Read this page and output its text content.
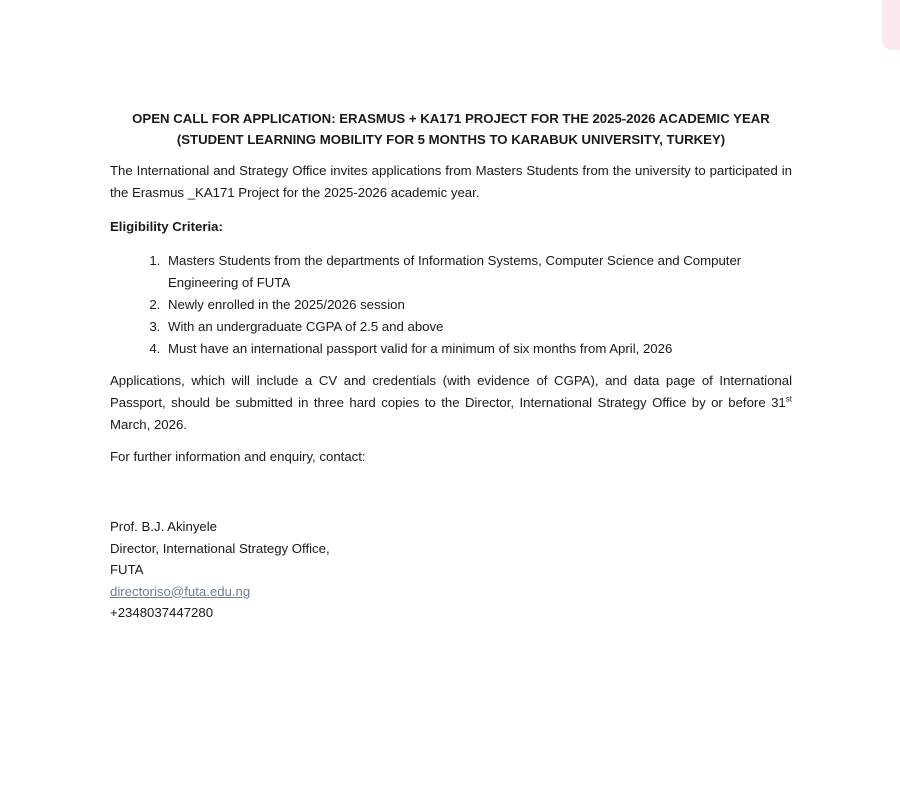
OPEN CALL FOR APPLICATION: ERASMUS + KA171 PROJECT FOR THE 2025-2026 ACADEMIC YEAR (STUDENT LEARNING MOBILITY FOR 5 MONTHS TO KARABUK UNIVERSITY, TURKEY)

The International and Strategy Office invites applications from Masters Students from the university to participated in the Erasmus _KA171 Project for the 2025-2026 academic year.

Eligibility Criteria:
1. Masters Students from the departments of Information Systems, Computer Science and Computer Engineering of FUTA
2. Newly enrolled in the 2025/2026 session
3. With an undergraduate CGPA of 2.5 and above
4. Must have an international passport valid for a minimum of six months from April, 2026

Applications, which will include a CV and credentials (with evidence of CGPA), and data page of International Passport, should be submitted in three hard copies to the Director, International Strategy Office by or before 31st March, 2026.

For further information and enquiry, contact:

Prof. B.J. Akinyele
Director, International Strategy Office,
FUTA
directoriso@futa.edu.ng
+2348037447280
